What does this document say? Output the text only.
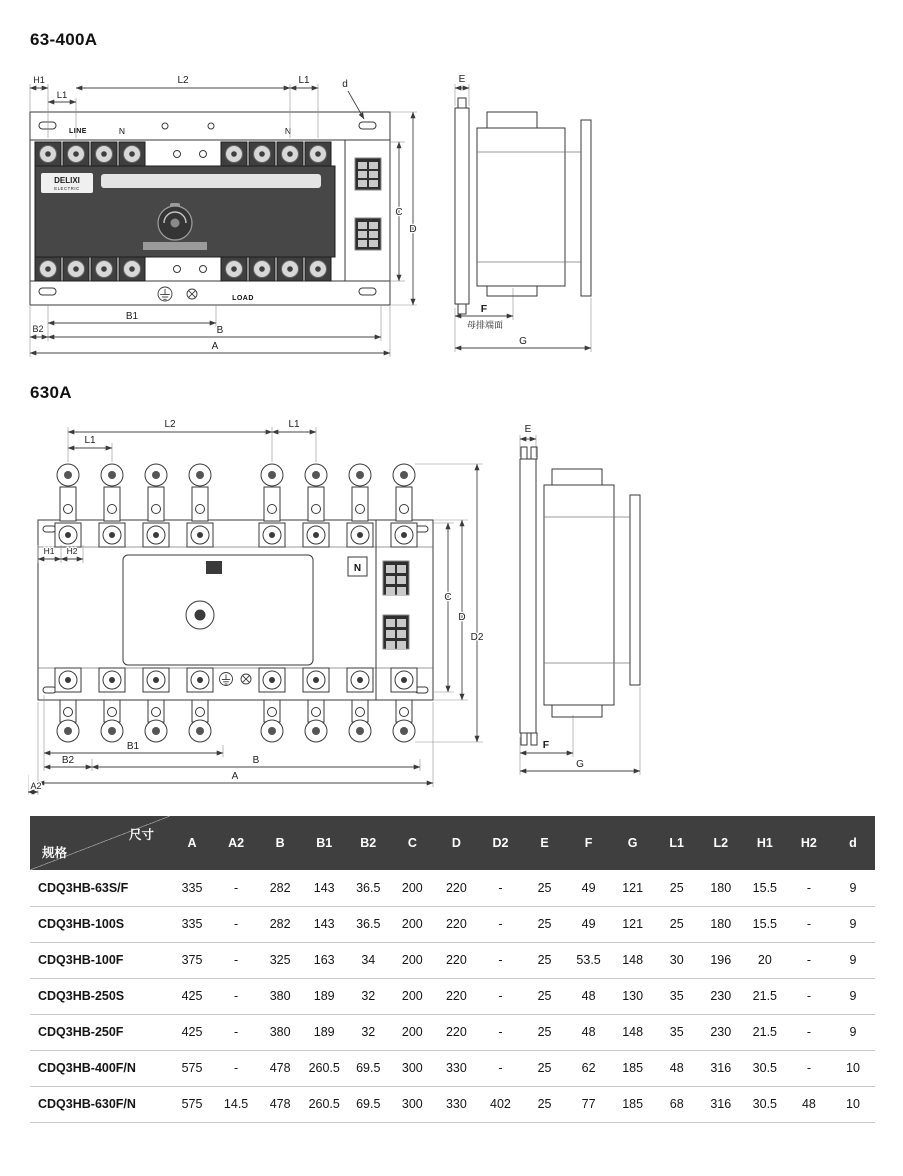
63-400A
LINE	N	N
DELIXI
ELECTRIC
LOAD
H1
L1
L2	L1	d
C
D
B1
B2	B
A
E
F
母排端面
G
630A
N
L2	L1
L1
H1 H2
B1
B2	B
A
A2
C
D
D2
E
F
G
尺寸
规格	A	A2	B	B1	B2	C	D	D2	E	F	G	L1	L2	H1	H2	d
CDQ3HB-63S/F	335	-	282	143	36.5	200	220	-	25	49	121	25	180	15.5	-	9
CDQ3HB-100S	335	-	282	143	36.5	200	220	-	25	49	121	25	180	15.5	-	9
CDQ3HB-100F	375	-	325	163	34	200	220	-	25	53.5	148	30	196	20	-	9
CDQ3HB-250S	425	-	380	189	32	200	220	-	25	48	130	35	230	21.5	-	9
CDQ3HB-250F	425	-	380	189	32	200	220	-	25	48	148	35	230	21.5	-	9
CDQ3HB-400F/N	575	-	478	260.5	69.5	300	330	-	25	62	185	48	316	30.5	-	10
CDQ3HB-630F/N	575	14.5	478	260.5	69.5	300	330	402	25	77	185	68	316	30.5	48	10
